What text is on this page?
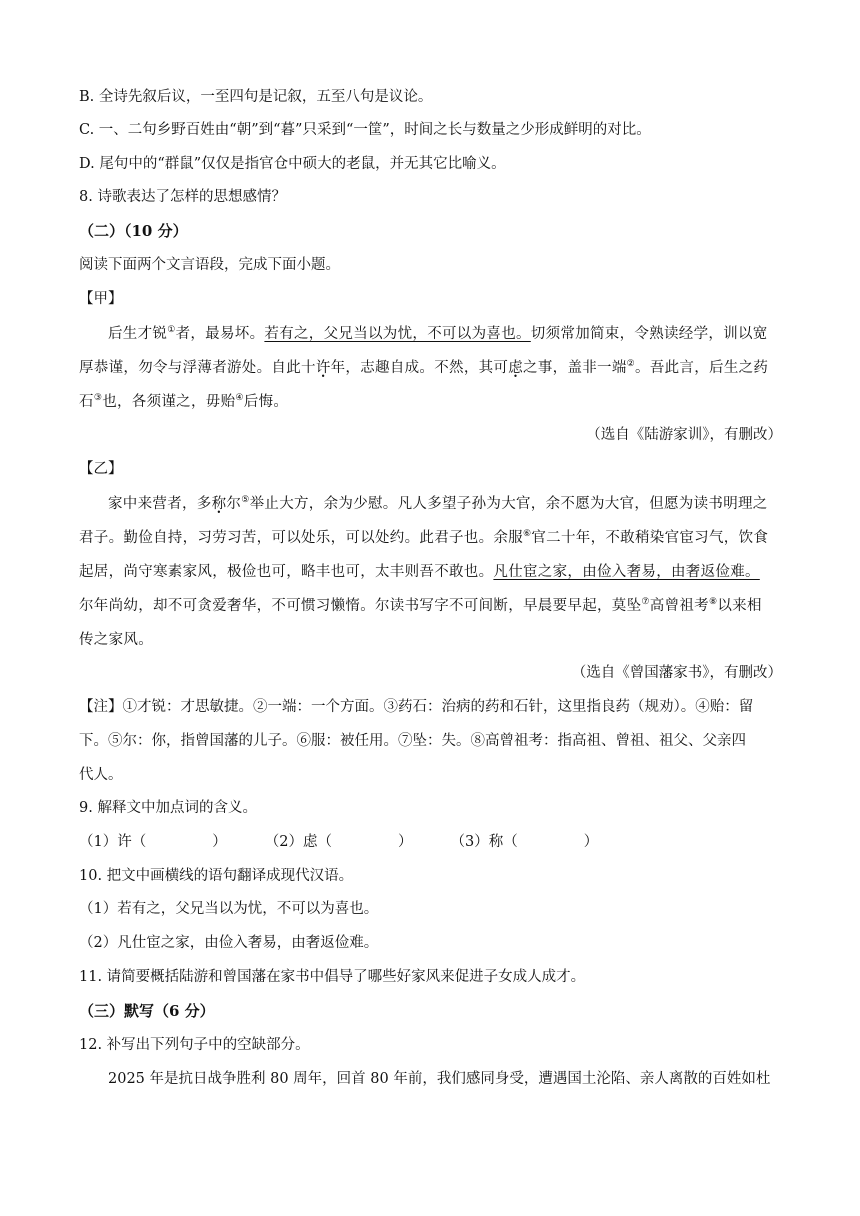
B. 全诗先叙后议，一至四句是记叙，五至八句是议论。
C. 一、二句乡野百姓由“朝”到“暮”只采到“一筐”，时间之长与数量之少形成鲜明的对比。
D. 尾句中的“群鼠”仅仅是指官仓中硕大的老鼠，并无其它比喻义。
8. 诗歌表达了怎样的思想感情？
（二）（10 分）
阅读下面两个文言语段，完成下面小题。
【甲】
后生才锐①者，最易坏。若有之，父兄当以为忧，不可以为喜也。切须常加简束，令熟读经学，训以宽
厚恭谨，勿令与浮薄者游处。自此十许年，志趣自成。不然，其可虑之事，盖非一端②。吾此言，后生之药
石③也，各须谨之，毋贻④后悔。
（选自《陆游家训》，有删改）
【乙】
家中来营者，多称尔⑤举止大方，余为少慰。凡人多望子孙为大官，余不愿为大官，但愿为读书明理之
君子。勤俭自持，习劳习苦，可以处乐，可以处约。此君子也。余服⑥官二十年，不敢稍染官宦习气，饮食
起居，尚守寒素家风，极俭也可，略丰也可，太丰则吾不敢也。凡仕宦之家，由俭入奢易，由奢返俭难。
尔年尚幼，却不可贪爱奢华，不可惯习懒惰。尔读书写字不可间断，早晨要早起，莫坠⑦高曾祖考⑧以来相
传之家风。
（选自《曾国藩家书》，有删改）
【注】①才锐：才思敏捷。②一端：一个方面。③药石：治病的药和石针，这里指良药（规劝）。④贻：留
下。⑤尔：你，指曾国藩的儿子。⑥服：被任用。⑦坠：失。⑧高曾祖考：指高祖、曾祖、祖父、父亲四
代人。
9. 解释文中加点词的含义。
（1）许（	）	（2）虑（	）	（3）称（	）
10. 把文中画横线的语句翻译成现代汉语。
（1）若有之，父兄当以为忧，不可以为喜也。
（2）凡仕宦之家，由俭入奢易，由奢返俭难。
11. 请简要概括陆游和曾国藩在家书中倡导了哪些好家风来促进子女成人成才。
（三）默写（6 分）
12. 补写出下列句子中的空缺部分。
2025 年是抗日战争胜利 80 周年，回首 80 年前，我们感同身受，遭遇国土沦陷、亲人离散的百姓如杜
